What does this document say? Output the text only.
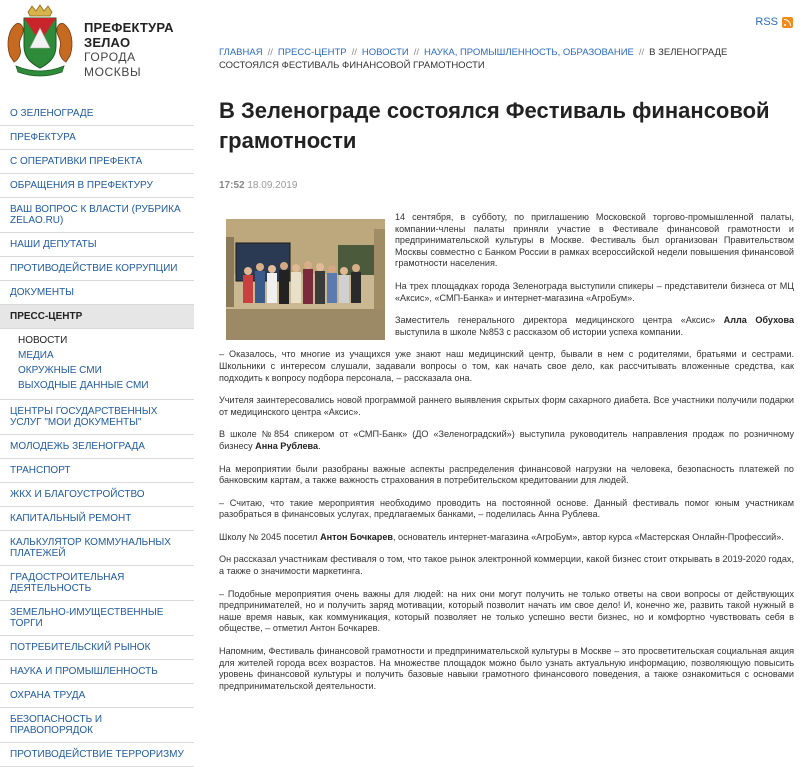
ПРЕФЕКТУРА
ЗЕЛАО
ГОРОДА МОСКВЫ
RSS
ГЛАВНАЯ // ПРЕСС-ЦЕНТР // НОВОСТИ // НАУКА, ПРОМЫШЛЕННОСТЬ, ОБРАЗОВАНИЕ // В ЗЕЛЕНОГРАДЕ СОСТОЯЛСЯ ФЕСТИВАЛЬ ФИНАНСОВОЙ ГРАМОТНОСТИ
О ЗЕЛЕНОГРАДЕ
ПРЕФЕКТУРА
С ОПЕРАТИВКИ ПРЕФЕКТА
ОБРАЩЕНИЯ В ПРЕФЕКТУРУ
ВАШ ВОПРОС К ВЛАСТИ (РУБРИКА ZELAO.RU)
НАШИ ДЕПУТАТЫ
ПРОТИВОДЕЙСТВИЕ КОРРУПЦИИ
ДОКУМЕНТЫ
ПРЕСС-ЦЕНТР
НОВОСТИ
МЕДИА
ОКРУЖНЫЕ СМИ
ВЫХОДНЫЕ ДАННЫЕ СМИ
ЦЕНТРЫ ГОСУДАРСТВЕННЫХ УСЛУГ "МОИ ДОКУМЕНТЫ"
МОЛОДЕЖЬ ЗЕЛЕНОГРАДА
ТРАНСПОРТ
ЖКХ И БЛАГОУСТРОЙСТВО
КАПИТАЛЬНЫЙ РЕМОНТ
КАЛЬКУЛЯТОР КОММУНАЛЬНЫХ ПЛАТЕЖЕЙ
ГРАДОСТРОИТЕЛЬНАЯ ДЕЯТЕЛЬНОСТЬ
ЗЕМЕЛЬНО-ИМУЩЕСТВЕННЫЕ ТОРГИ
ПОТРЕБИТЕЛЬСКИЙ РЫНОК
НАУКА И ПРОМЫШЛЕННОСТЬ
ОХРАНА ТРУДА
БЕЗОПАСНОСТЬ И ПРАВОПОРЯДОК
ПРОТИВОДЕЙСТВИЕ ТЕРРОРИЗМУ
В Зеленограде состоялся Фестиваль финансовой грамотности
17:52 18.09.2019

14 сентября, в субботу, по приглашению Московской торгово-промышленной палаты, компании-члены палаты приняли участие в Фестивале финансовой грамотности и предпринимательской культуры в Москве. Фестиваль был организован Правительством Москвы совместно с Банком России в рамках всероссийской недели повышения финансовой грамотности населения.

На трех площадках города Зеленограда выступили спикеры – представители бизнеса от МЦ «Аксис», «СМП-Банка» и интернет-магазина «АгроБум».

Заместитель генерального директора медицинского центра «Аксис» Алла Обухова выступила в школе №853 с рассказом об истории успеха компании.

– Оказалось, что многие из учащихся уже знают наш медицинский центр, бывали в нем с родителями, братьями и сестрами. Школьники с интересом слушали, задавали вопросы о том, как начать свое дело, как рассчитывать вложенные средства, как подходить к вопросу подбора персонала, – рассказала она.

Учителя заинтересовались новой программой раннего выявления скрытых форм сахарного диабета. Все участники получили подарки от медицинского центра «Аксис».

В школе №854 спикером от «СМП-Банк» (ДО «Зеленоградский») выступила руководитель направления продаж по розничному бизнесу Анна Рублева.

На мероприятии были разобраны важные аспекты распределения финансовой нагрузки на человека, безопасность платежей по банковским картам, а также важность страхования в потребительском кредитовании для людей.

– Считаю, что такие мероприятия необходимо проводить на постоянной основе. Данный фестиваль помог юным участникам разобраться в финансовых услугах, предлагаемых банками, – поделилась Анна Рублева.

Школу № 2045 посетил Антон Бочкарев, основатель интернет-магазина «АгроБум», автор курса «Мастерская Онлайн-Профессий».

Он рассказал участникам фестиваля о том, что такое рынок электронной коммерции, какой бизнес стоит открывать в 2019-2020 годах, а также о значимости маркетинга.

– Подобные мероприятия очень важны для людей: на них они могут получить не только ответы на свои вопросы от действующих предпринимателей, но и получить заряд мотивации, который позволит начать им свое дело! И, конечно же, развить такой нужный в наше время навык, как коммуникация, который позволяет не только успешно вести бизнес, но и комфортно чувствовать себя в обществе, – отметил Антон Бочкарев.

Напомним, Фестиваль финансовой грамотности и предпринимательской культуры в Москве – это просветительская социальная акция для жителей города всех возрастов. На множестве площадок можно было узнать актуальную информацию, позволяющую повысить уровень финансовой культуры и получить базовые навыки грамотного финансового поведения, а также ознакомиться с основами предпринимательской деятельности.
